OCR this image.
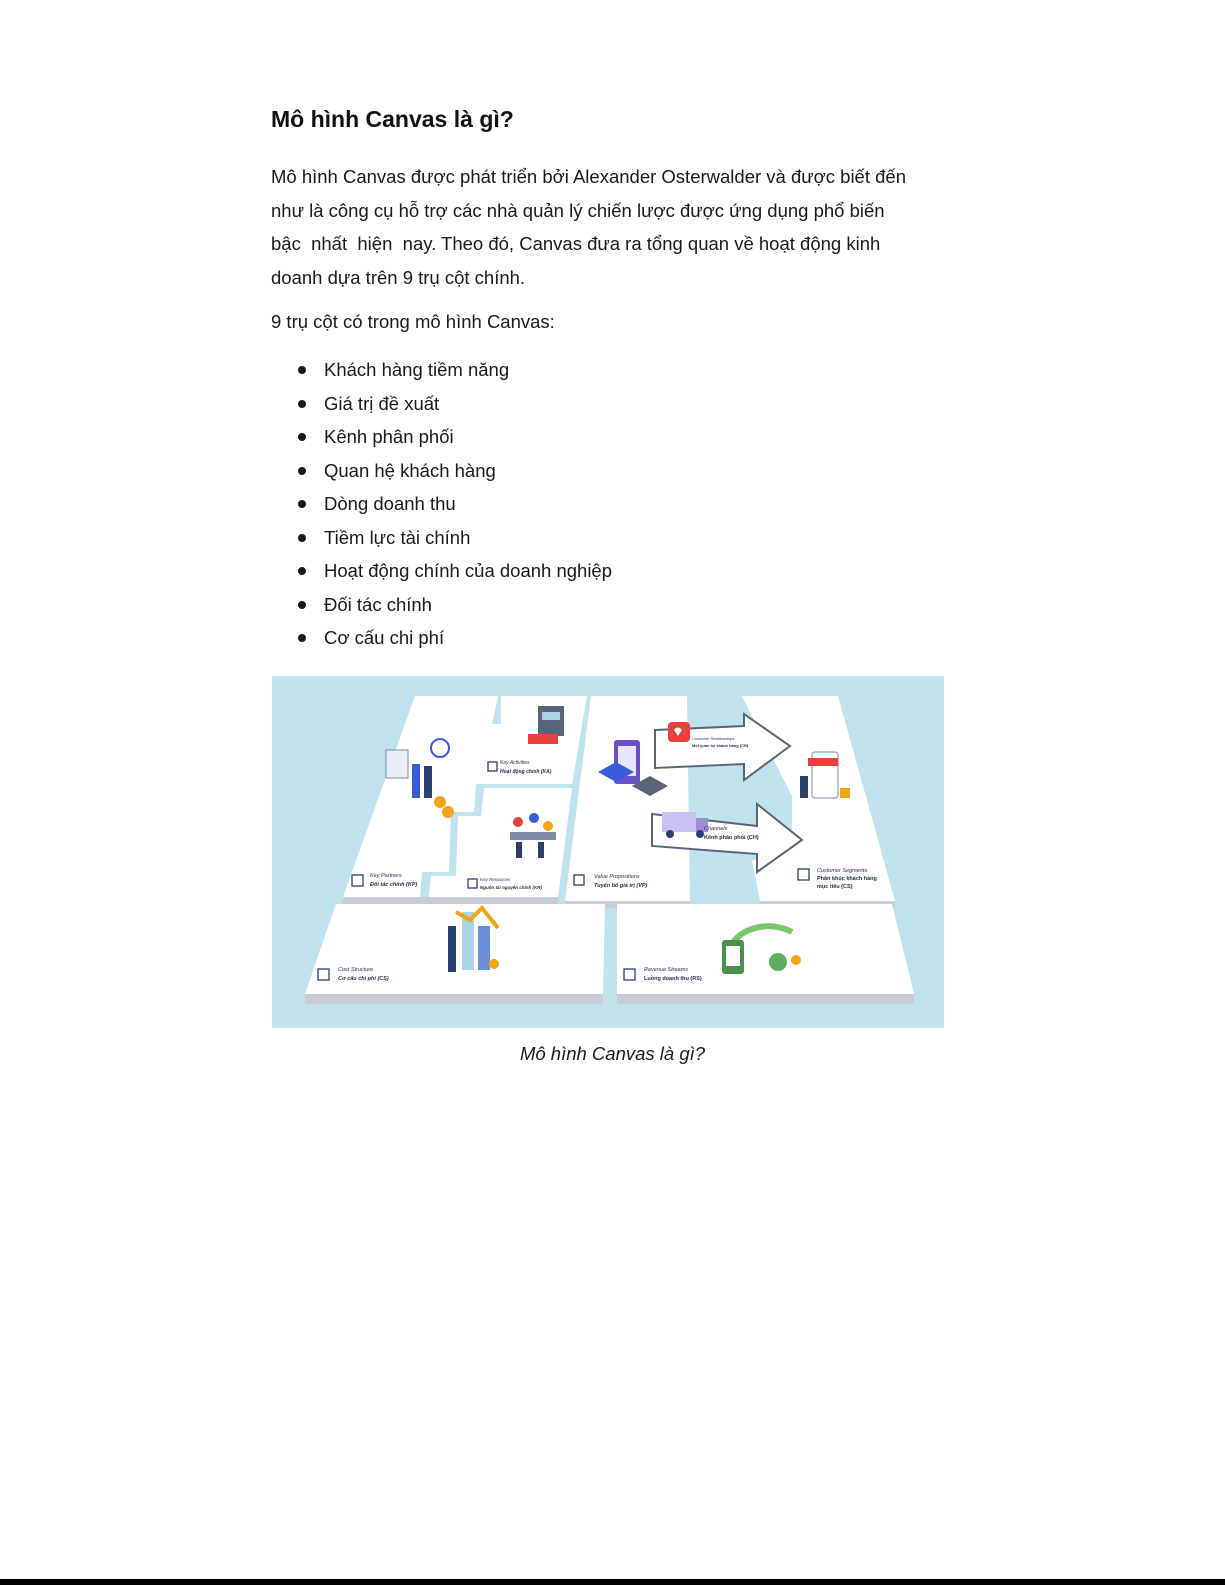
Mô hình Canvas là gì?

Mô hình Canvas được phát triển bởi Alexander Osterwalder và được biết đến
như là công cụ hỗ trợ các nhà quản lý chiến lược được ứng dụng phổ biến
bậc  nhất  hiện  nay. Theo đó, Canvas đưa ra tổng quan về hoạt động kinh
doanh dựa trên 9 trụ cột chính.

9 trụ cột có trong mô hình Canvas:

Khách hàng tiềm năng
Giá trị đề xuất
Kênh phân phối
Quan hệ khách hàng
Dòng doanh thu
Tiềm lực tài chính
Hoạt động chính của doanh nghiệp
Đối tác chính
Cơ cấu chi phí
Key Partners
Đối tác chính (KP)
Key Activities
Hoạt động chính (KA)
Key Resources
Nguồn tài nguyên chính (KR)
Value Propositions
Tuyên bố giá trị (VP)
Customer Relationships
Mối quan hệ khách hàng (CR)
Channels
Kênh phân phối (CH)
Customer Segments
Phân khúc khách hàng
mục tiêu (CS)
Cost Structure
Cơ cấu chi phí (CS)
Revenue Streams
Luồng doanh thu (RS)
Mô hình Canvas là gì?
